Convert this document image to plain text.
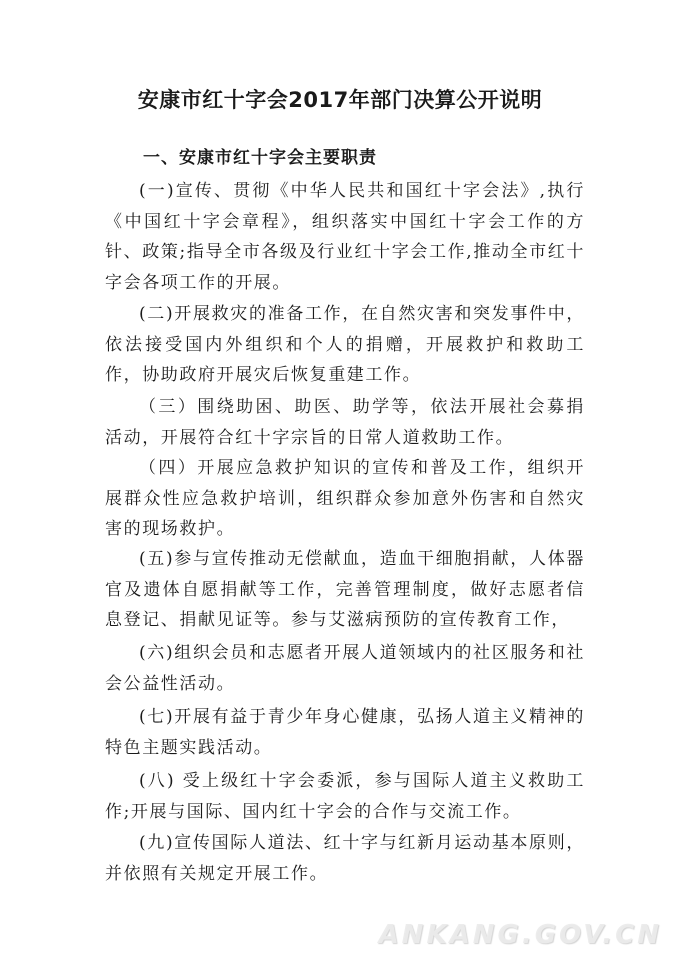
安康市红十字会2017年部门决算公开说明
一、安康市红十字会主要职责

(一)宣传、贯彻《中华人民共和国红十字会法》,执行《中国红十字会章程》，组织落实中国红十字会工作的方针、政策;指导全市各级及行业红十字会工作,推动全市红十字会各项工作的开展。

(二)开展救灾的准备工作，在自然灾害和突发事件中，依法接受国内外组织和个人的捐赠，开展救护和救助工作，协助政府开展灾后恢复重建工作。

（三）围绕助困、助医、助学等，依法开展社会募捐活动，开展符合红十字宗旨的日常人道救助工作。

（四）开展应急救护知识的宣传和普及工作，组织开展群众性应急救护培训，组织群众参加意外伤害和自然灾害的现场救护。

(五)参与宣传推动无偿献血，造血干细胞捐献，人体器官及遗体自愿捐献等工作，完善管理制度，做好志愿者信息登记、捐献见证等。参与艾滋病预防的宣传教育工作，

(六)组织会员和志愿者开展人道领域内的社区服务和社会公益性活动。

(七)开展有益于青少年身心健康，弘扬人道主义精神的特色主题实践活动。

(八) 受上级红十字会委派，参与国际人道主义救助工作;开展与国际、国内红十字会的合作与交流工作。

(九)宣传国际人道法、红十字与红新月运动基本原则，并依照有关规定开展工作。

ANKANG.GOV.CN
